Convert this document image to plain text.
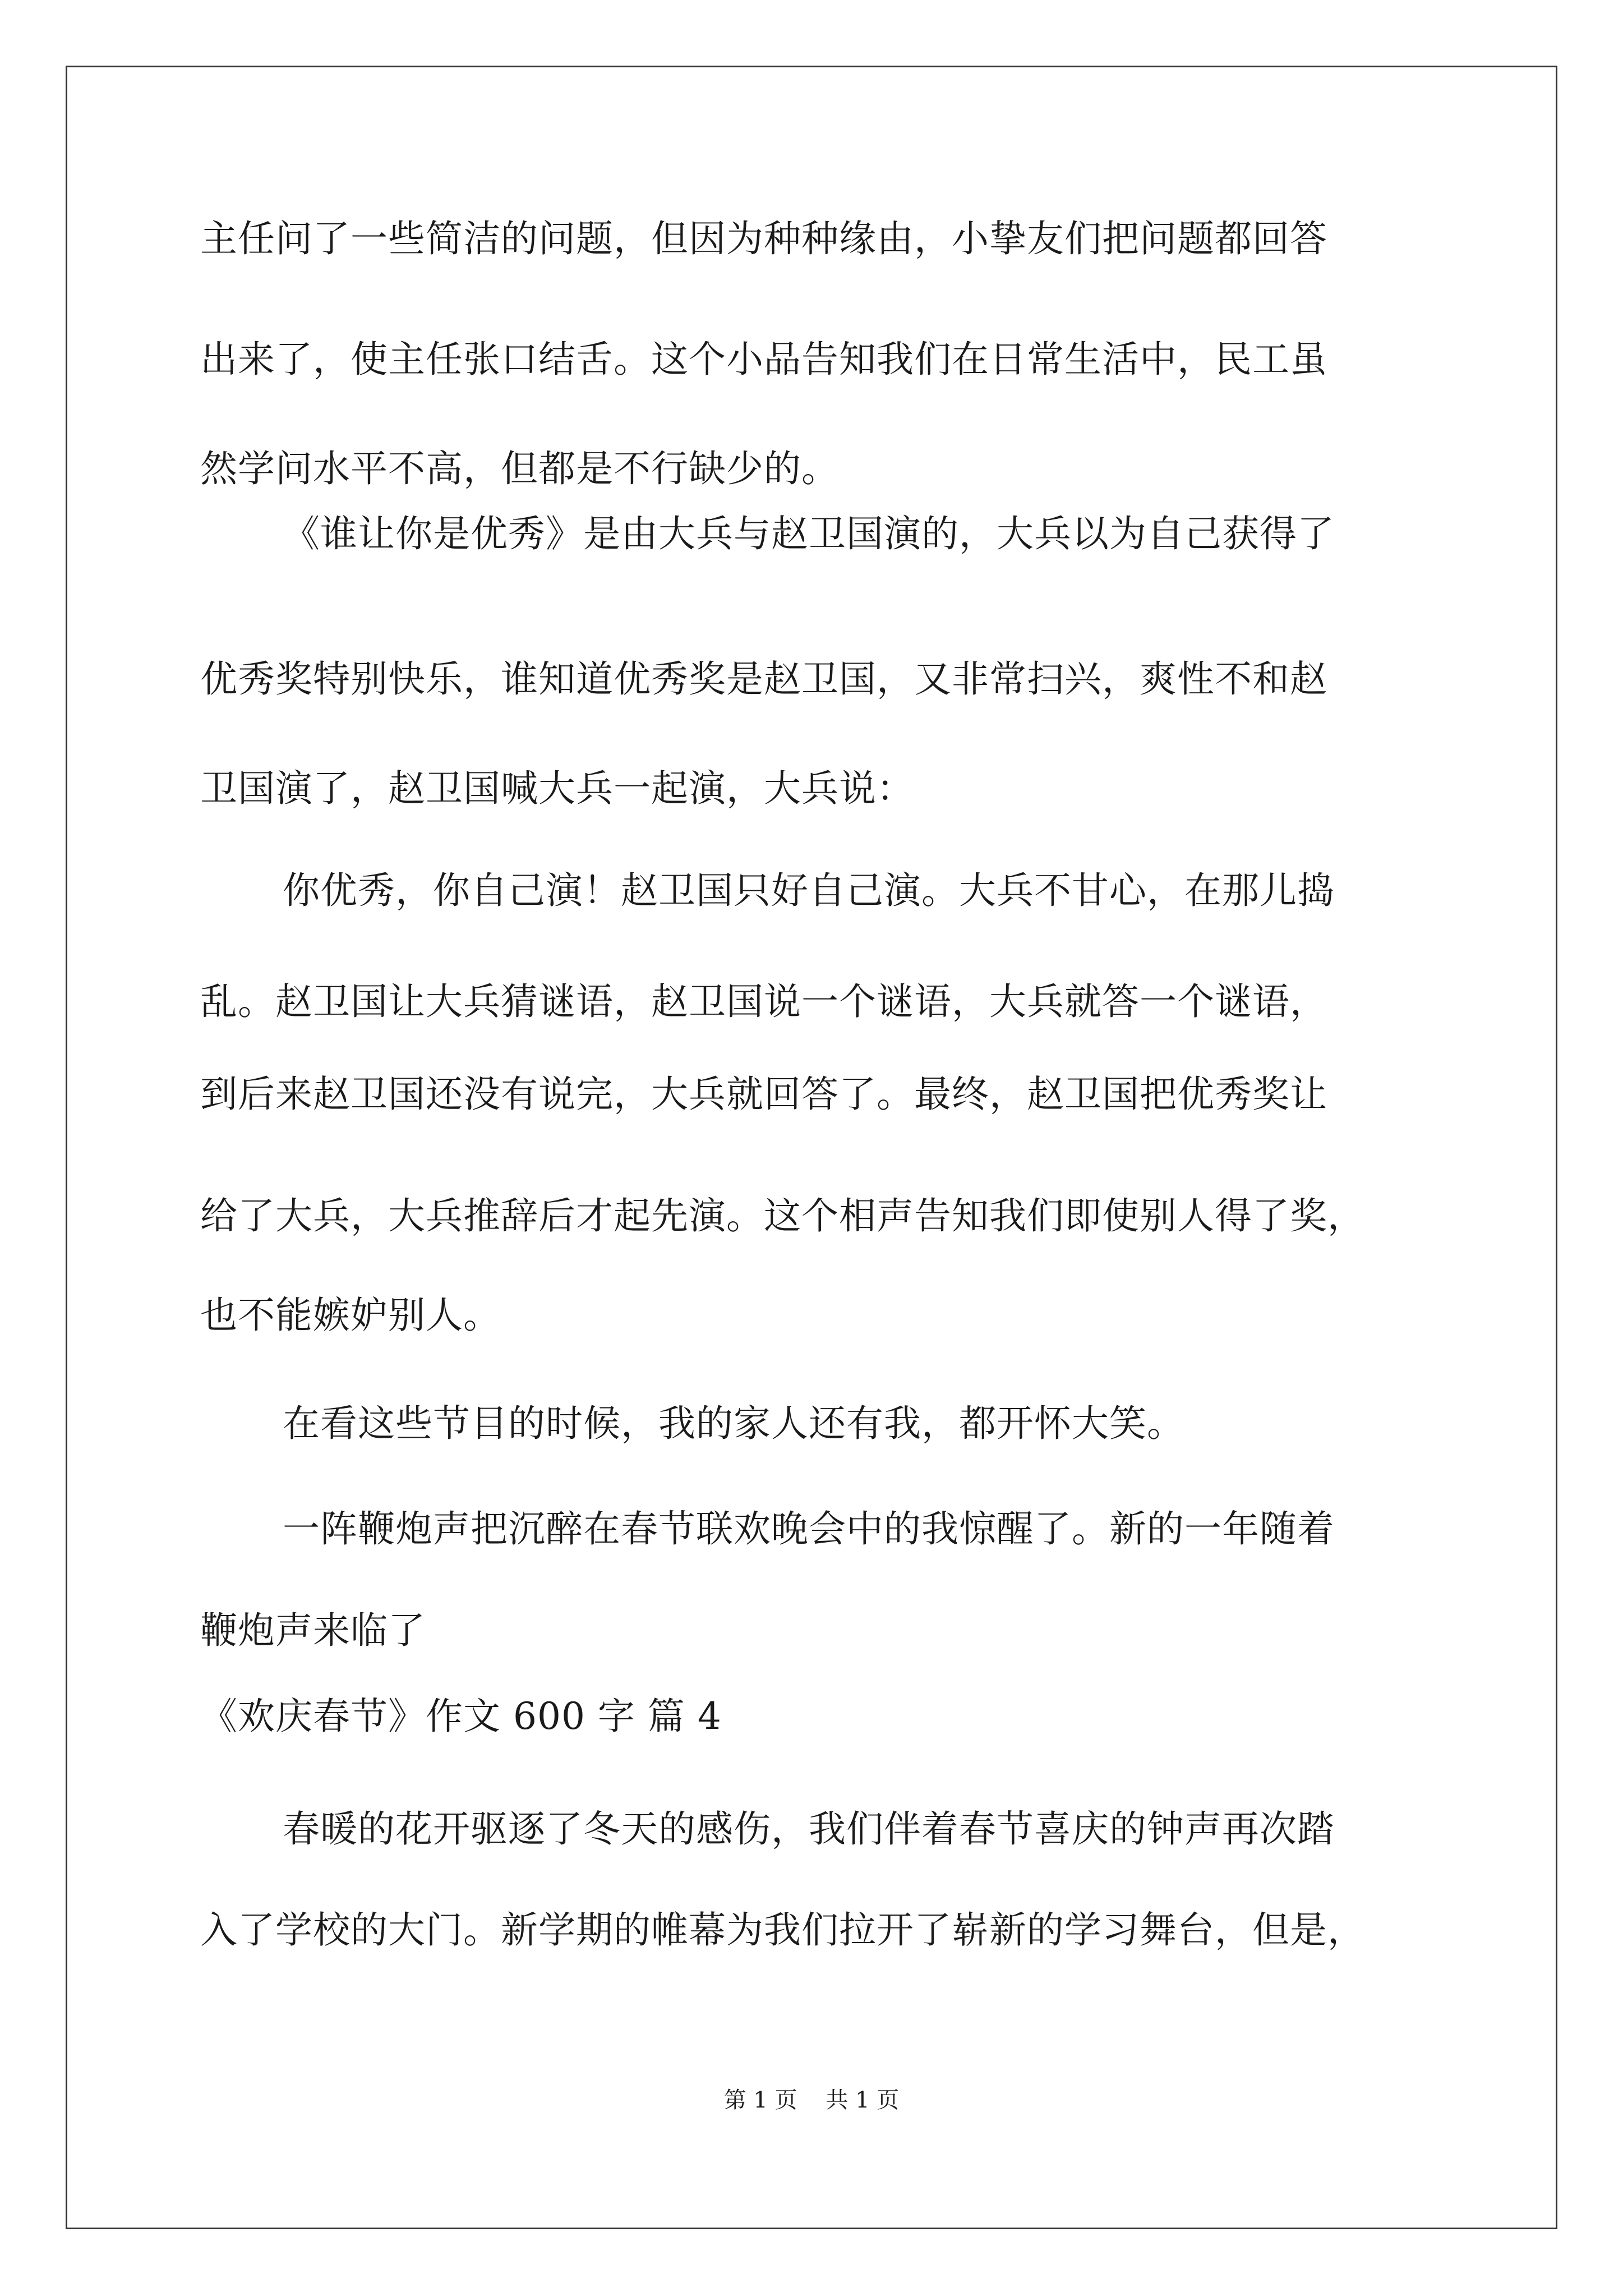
主任问了一些简洁的问题，但因为种种缘由，小挚友们把问题都回答
出来了，使主任张口结舌。这个小品告知我们在日常生活中，民工虽
然学问水平不高，但都是不行缺少的。
《谁让你是优秀》是由大兵与赵卫国演的，大兵以为自己获得了
优秀奖特别快乐，谁知道优秀奖是赵卫国，又非常扫兴，爽性不和赵
卫国演了，赵卫国喊大兵一起演，大兵说：
你优秀，你自己演！赵卫国只好自己演。大兵不甘心，在那儿捣
乱。赵卫国让大兵猜谜语，赵卫国说一个谜语，大兵就答一个谜语，
到后来赵卫国还没有说完，大兵就回答了。最终，赵卫国把优秀奖让
给了大兵，大兵推辞后才起先演。这个相声告知我们即使别人得了奖，
也不能嫉妒别人。
在看这些节目的时候，我的家人还有我，都开怀大笑。
一阵鞭炮声把沉醉在春节联欢晚会中的我惊醒了。新的一年随着
鞭炮声来临了
《欢庆春节》作文 600 字 篇 4
春暖的花开驱逐了冬天的感伤，我们伴着春节喜庆的钟声再次踏
入了学校的大门。新学期的帷幕为我们拉开了崭新的学习舞台，但是，
第 1 页    共 1 页
